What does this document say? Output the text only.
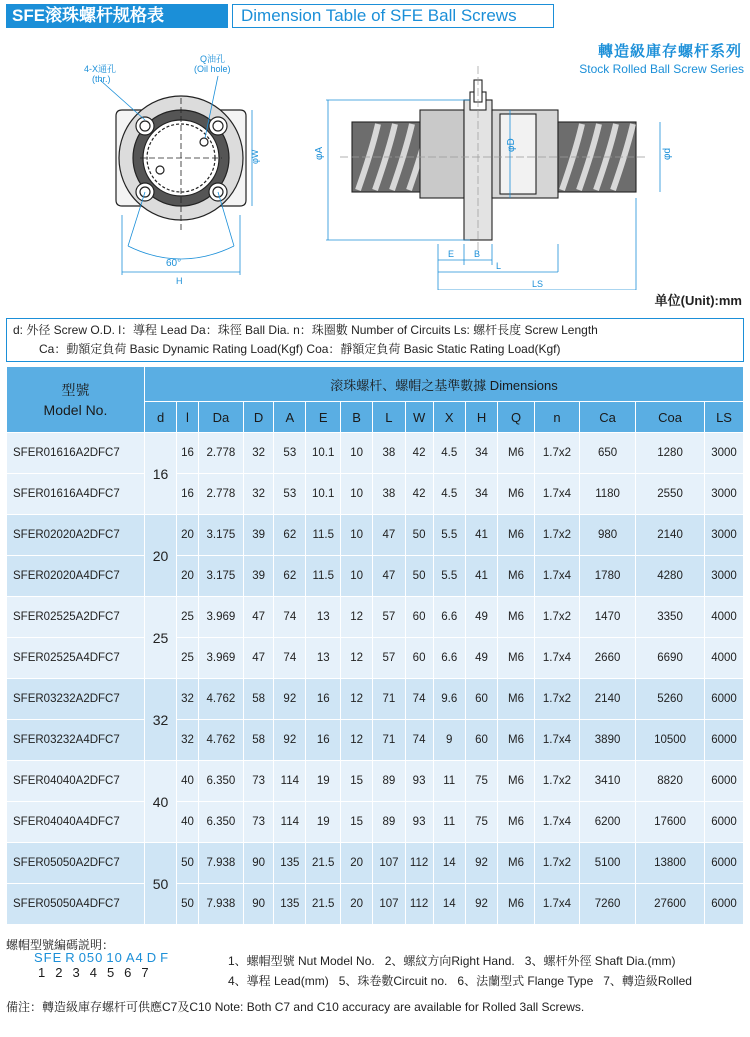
SFE滚珠螺杆规格表	Dimension Table of SFE Ball Screws
轉造級庫存螺杆系列
Stock Rolled Ball Screw Series
4-X通孔
(thr.)
Q油孔
(Oil hole)
φW
60°
H
φA
φD
φd
E B
L
LS
单位(Unit):mm
d: 外径 Screw O.D. l：導程 Lead Da：珠徑 Ball Dia. n：珠圈數 Number of Circuits Ls: 螺杆長度 Screw Length
Ca：動額定負荷 Basic Dynamic Rating Load(Kgf) Coa：靜額定負荷 Basic Static Rating Load(Kgf)
型號
Model No.	滚珠螺杆、螺帽之基準數據 Dimensions															
	d	l	Da	D	A	E	B	L	W	X	H	Q	n	Ca	Coa	LS
SFER01616A2DFC7	16	16	2.778	32	53	10.1	10	38	42	4.5	34	M6	1.7x2	650	1280	3000
SFER01616A4DFC7		16	2.778	32	53	10.1	10	38	42	4.5	34	M6	1.7x4	1180	2550	3000
SFER02020A2DFC7	20	20	3.175	39	62	11.5	10	47	50	5.5	41	M6	1.7x2	980	2140	3000
SFER02020A4DFC7		20	3.175	39	62	11.5	10	47	50	5.5	41	M6	1.7x4	1780	4280	3000
SFER02525A2DFC7	25	25	3.969	47	74	13	12	57	60	6.6	49	M6	1.7x2	1470	3350	4000
SFER02525A4DFC7		25	3.969	47	74	13	12	57	60	6.6	49	M6	1.7x4	2660	6690	4000
SFER03232A2DFC7	32	32	4.762	58	92	16	12	71	74	9.6	60	M6	1.7x2	2140	5260	6000
SFER03232A4DFC7		32	4.762	58	92	16	12	71	74	9	60	M6	1.7x4	3890	10500	6000
SFER04040A2DFC7	40	40	6.350	73	114	19	15	89	93	11	75	M6	1.7x2	3410	8820	6000
SFER04040A4DFC7		40	6.350	73	114	19	15	89	93	11	75	M6	1.7x4	6200	17600	6000
SFER05050A2DFC7	50	50	7.938	90	135	21.5	20	107	112	14	92	M6	1.7x2	5100	13800	6000
SFER05050A4DFC7		50	7.938	90	135	21.5	20	107	112	14	92	M6	1.7x4	7260	27600	6000
螺帽型號編碼説明：
SFE R 050 10 A4 D F
1 2 3 4 5 6 7
1、螺帽型號 Nut Model No. 2、螺紋方向Right Hand. 3、螺杆外徑 Shaft Dia.(mm)
4、導程 Lead(mm) 5、珠卷數Circuit no. 6、法蘭型式 Flange Type 7、轉造級Rolled
備注：轉造級庫存螺杆可供應C7及C10 Note: Both C7 and C10 accuracy are available for Rolled 3all Screws.
